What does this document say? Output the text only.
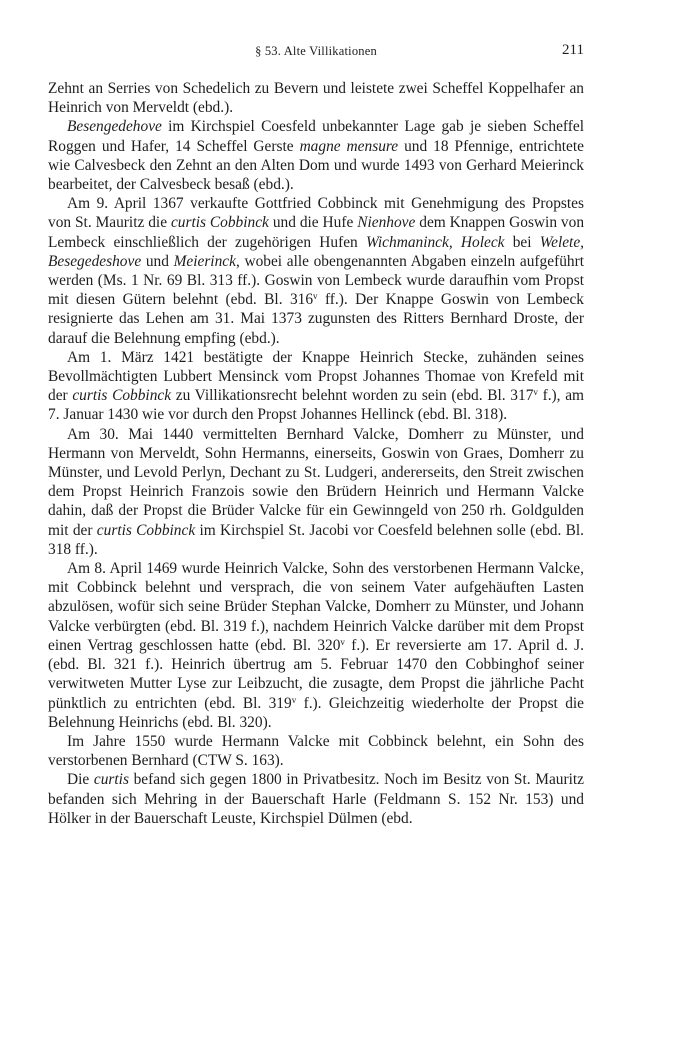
§ 53. Alte Villikationen	211

Zehnt an Serries von Schedelich zu Bevern und leistete zwei Scheffel Koppelhafer an Heinrich von Merveldt (ebd.).

Besengedehove im Kirchspiel Coesfeld unbekannter Lage gab je sieben Scheffel Roggen und Hafer, 14 Scheffel Gerste magne mensure und 18 Pfennige, entrichtete wie Calvesbeck den Zehnt an den Alten Dom und wurde 1493 von Gerhard Meierinck bearbeitet, der Calvesbeck besaß (ebd.).

Am 9. April 1367 verkaufte Gottfried Cobbinck mit Genehmigung des Propstes von St. Mauritz die curtis Cobbinck und die Hufe Nienhove dem Knappen Goswin von Lembeck einschließlich der zugehörigen Hufen Wichmaninck, Holeck bei Welete, Besegedeshove und Meierinck, wobei alle obengenannten Abgaben einzeln aufgeführt werden (Ms. 1 Nr. 69 Bl. 313 ff.). Goswin von Lembeck wurde daraufhin vom Propst mit diesen Gütern belehnt (ebd. Bl. 316$^v$ ff.). Der Knappe Goswin von Lembeck resignierte das Lehen am 31. Mai 1373 zugunsten des Ritters Bernhard Droste, der darauf die Belehnung empfing (ebd.).

Am 1. März 1421 bestätigte der Knappe Heinrich Stecke, zuhänden seines Bevollmächtigten Lubbert Mensinck vom Propst Johannes Thomae von Krefeld mit der curtis Cobbinck zu Villikationsrecht belehnt worden zu sein (ebd. Bl. 317$^v$ f.), am 7. Januar 1430 wie vor durch den Propst Johannes Hellinck (ebd. Bl. 318).

Am 30. Mai 1440 vermittelten Bernhard Valcke, Domherr zu Münster, und Hermann von Merveldt, Sohn Hermanns, einerseits, Goswin von Graes, Domherr zu Münster, und Levold Perlyn, Dechant zu St. Ludgeri, andererseits, den Streit zwischen dem Propst Heinrich Franzois sowie den Brüdern Heinrich und Hermann Valcke dahin, daß der Propst die Brüder Valcke für ein Gewinngeld von 250 rh. Goldgulden mit der curtis Cobbinck im Kirchspiel St. Jacobi vor Coesfeld belehnen solle (ebd. Bl. 318 ff.).

Am 8. April 1469 wurde Heinrich Valcke, Sohn des verstorbenen Hermann Valcke, mit Cobbinck belehnt und versprach, die von seinem Vater aufgehäuften Lasten abzulösen, wofür sich seine Brüder Stephan Valcke, Domherr zu Münster, und Johann Valcke verbürgten (ebd. Bl. 319 f.), nachdem Heinrich Valcke darüber mit dem Propst einen Vertrag geschlossen hatte (ebd. Bl. 320$^v$ f.). Er reversierte am 17. April d. J. (ebd. Bl. 321 f.). Heinrich übertrug am 5. Februar 1470 den Cobbinghof seiner verwitweten Mutter Lyse zur Leibzucht, die zusagte, dem Propst die jährliche Pacht pünktlich zu entrichten (ebd. Bl. 319$^v$ f.). Gleichzeitig wiederholte der Propst die Belehnung Heinrichs (ebd. Bl. 320).

Im Jahre 1550 wurde Hermann Valcke mit Cobbinck belehnt, ein Sohn des verstorbenen Bernhard (CTW S. 163).

Die curtis befand sich gegen 1800 in Privatbesitz. Noch im Besitz von St. Mauritz befanden sich Mehring in der Bauerschaft Harle (Feldmann S. 152 Nr. 153) und Hölker in der Bauerschaft Leuste, Kirchspiel Dülmen (ebd.
